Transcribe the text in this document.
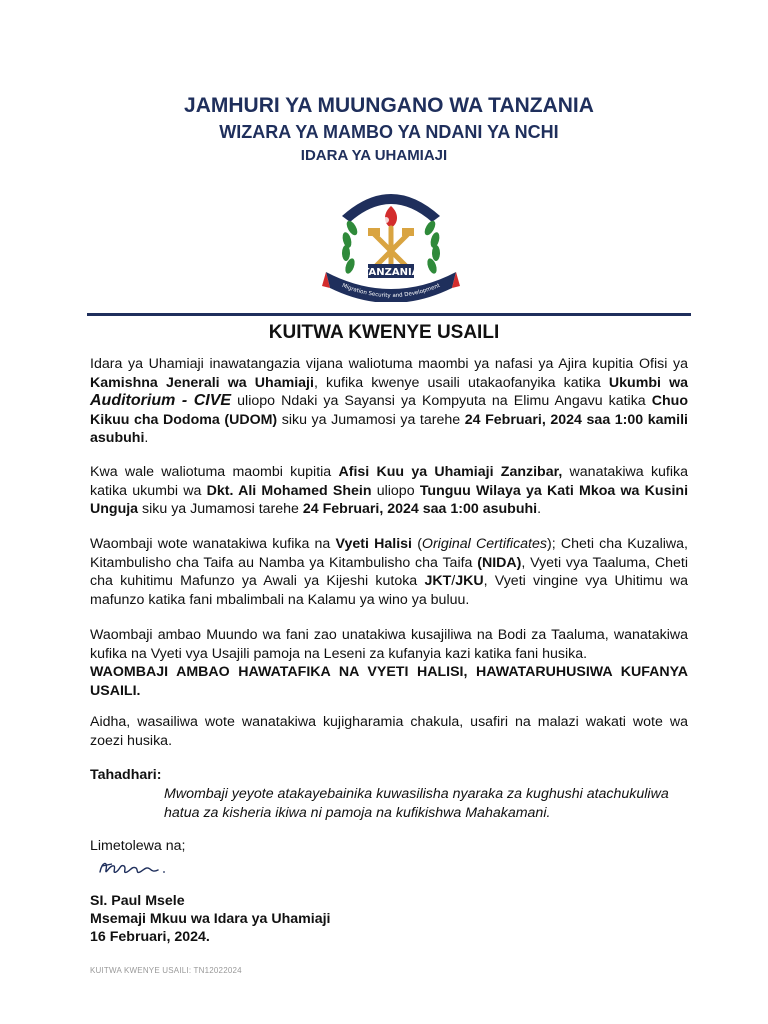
JAMHURI YA MUUNGANO WA TANZANIA
WIZARA YA MAMBO YA NDANI YA NCHI
IDARA YA UHAMIAJI
IMMIGRATION
TANZANIA
Migration Security and Development
KUITWA KWENYE USAILI

Idara ya Uhamiaji inawatangazia vijana waliotuma maombi ya nafasi ya Ajira kupitia Ofisi ya Kamishna Jenerali wa Uhamiaji, kufika kwenye usaili utakaofanyika katika Ukumbi wa Auditorium - CIVE uliopo Ndaki ya Sayansi ya Kompyuta na Elimu Angavu katika Chuo Kikuu cha Dodoma (UDOM) siku ya Jumamosi ya tarehe 24 Februari, 2024 saa 1:00 kamili asubuhi.

Kwa wale waliotuma maombi kupitia Afisi Kuu ya Uhamiaji Zanzibar, wanatakiwa kufika katika ukumbi wa Dkt. Ali Mohamed Shein uliopo Tunguu Wilaya ya Kati Mkoa wa Kusini Unguja siku ya Jumamosi tarehe 24 Februari, 2024 saa 1:00 asubuhi.

Waombaji wote wanatakiwa kufika na Vyeti Halisi (Original Certificates); Cheti cha Kuzaliwa, Kitambulisho cha Taifa au Namba ya Kitambulisho cha Taifa (NIDA), Vyeti vya Taaluma, Cheti cha kuhitimu Mafunzo ya Awali ya Kijeshi kutoka JKT/JKU, Vyeti vingine vya Uhitimu wa mafunzo katika fani mbalimbali na Kalamu ya wino ya buluu.

Waombaji ambao Muundo wa fani zao unatakiwa kusajiliwa na Bodi za Taaluma, wanatakiwa kufika na Vyeti vya Usajili pamoja na Leseni za kufanyia kazi katika fani husika.
WAOMBAJI AMBAO HAWATAFIKA NA VYETI HALISI, HAWATARUHUSIWA KUFANYA USAILI.

Aidha, wasailiwa wote wanatakiwa kujigharamia chakula, usafiri na malazi wakati wote wa zoezi husika.

Tahadhari:

Mwombaji yeyote atakayebainika kuwasilisha nyaraka za kughushi atachukuliwa hatua za kisheria ikiwa ni pamoja na kufikishwa Mahakamani.

Limetolewa na;

SI. Paul Msele

Msemaji Mkuu wa Idara ya Uhamiaji

16 Februari, 2024.

KUITWA KWENYE USAILI: TN12022024
